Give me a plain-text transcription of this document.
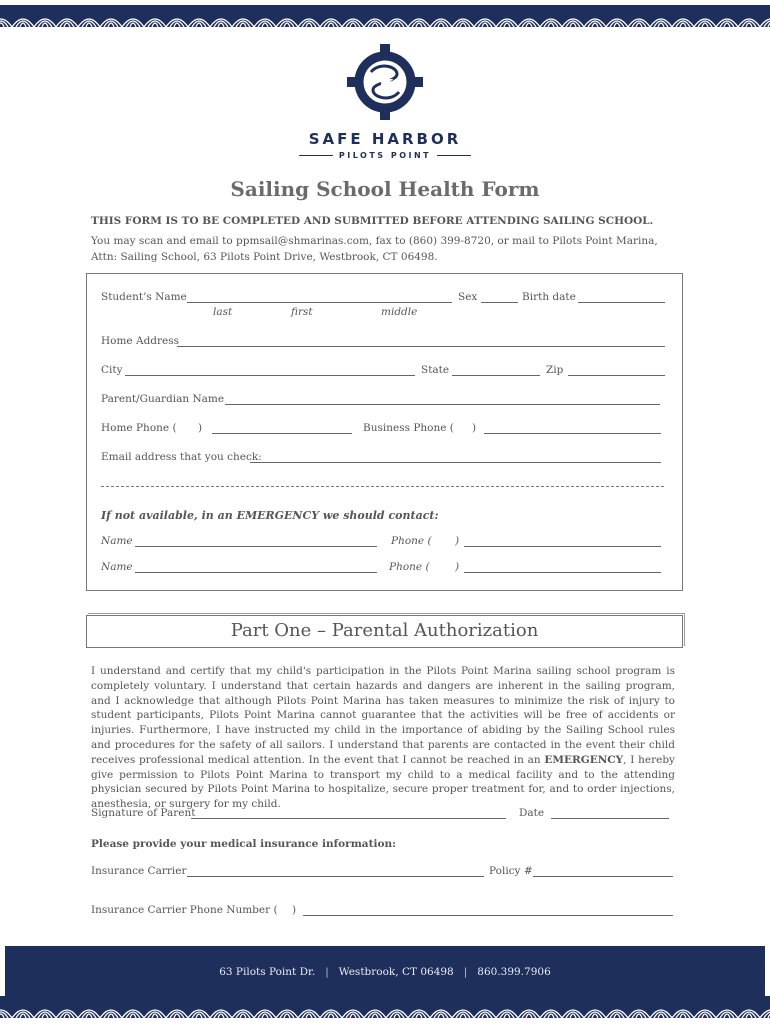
SAFE HARBOR
PILOTS POINT
Sailing School Health Form
THIS FORM IS TO BE COMPLETED AND SUBMITTED BEFORE ATTENDING SAILING SCHOOL.
You may scan and email to ppmsail@shmarinas.com, fax to (860) 399-8720, or mail to Pilots Point Marina, Attn: Sailing School, 63 Pilots Point Drive, Westbrook, CT 06498.
Student’s Name	Sex	Birth date
last	first	middle
Home Address
City	State	Zip
Parent/Guardian Name
Home Phone ( )	Business Phone ( )
Email address that you check:
If not available, in an EMERGENCY we should contact:
Name	Phone ( )
Name	Phone ( )
Part One – Parental Authorization
I understand and certify that my child's participation in the Pilots Point Marina sailing school program is completely voluntary. I understand that certain hazards and dangers are inherent in the sailing program, and I acknowledge that although Pilots Point Marina has taken measures to minimize the risk of injury to student participants, Pilots Point Marina cannot guarantee that the activities will be free of accidents or injuries. Furthermore, I have instructed my child in the importance of abiding by the Sailing School rules and procedures for the safety of all sailors. I understand that parents are contacted in the event their child receives professional medical attention. In the event that I cannot be reached in an EMERGENCY, I hereby give permission to Pilots Point Marina to transport my child to a medical facility and to the attending physician secured by Pilots Point Marina to hospitalize, secure proper treatment for, and to order injections, anesthesia, or surgery for my child.
Signature of Parent	Date
Please provide your medical insurance information:
Insurance Carrier	Policy #
Insurance Carrier Phone Number ( )
63 Pilots Point Dr. | Westbrook, CT 06498 | 860.399.7906
